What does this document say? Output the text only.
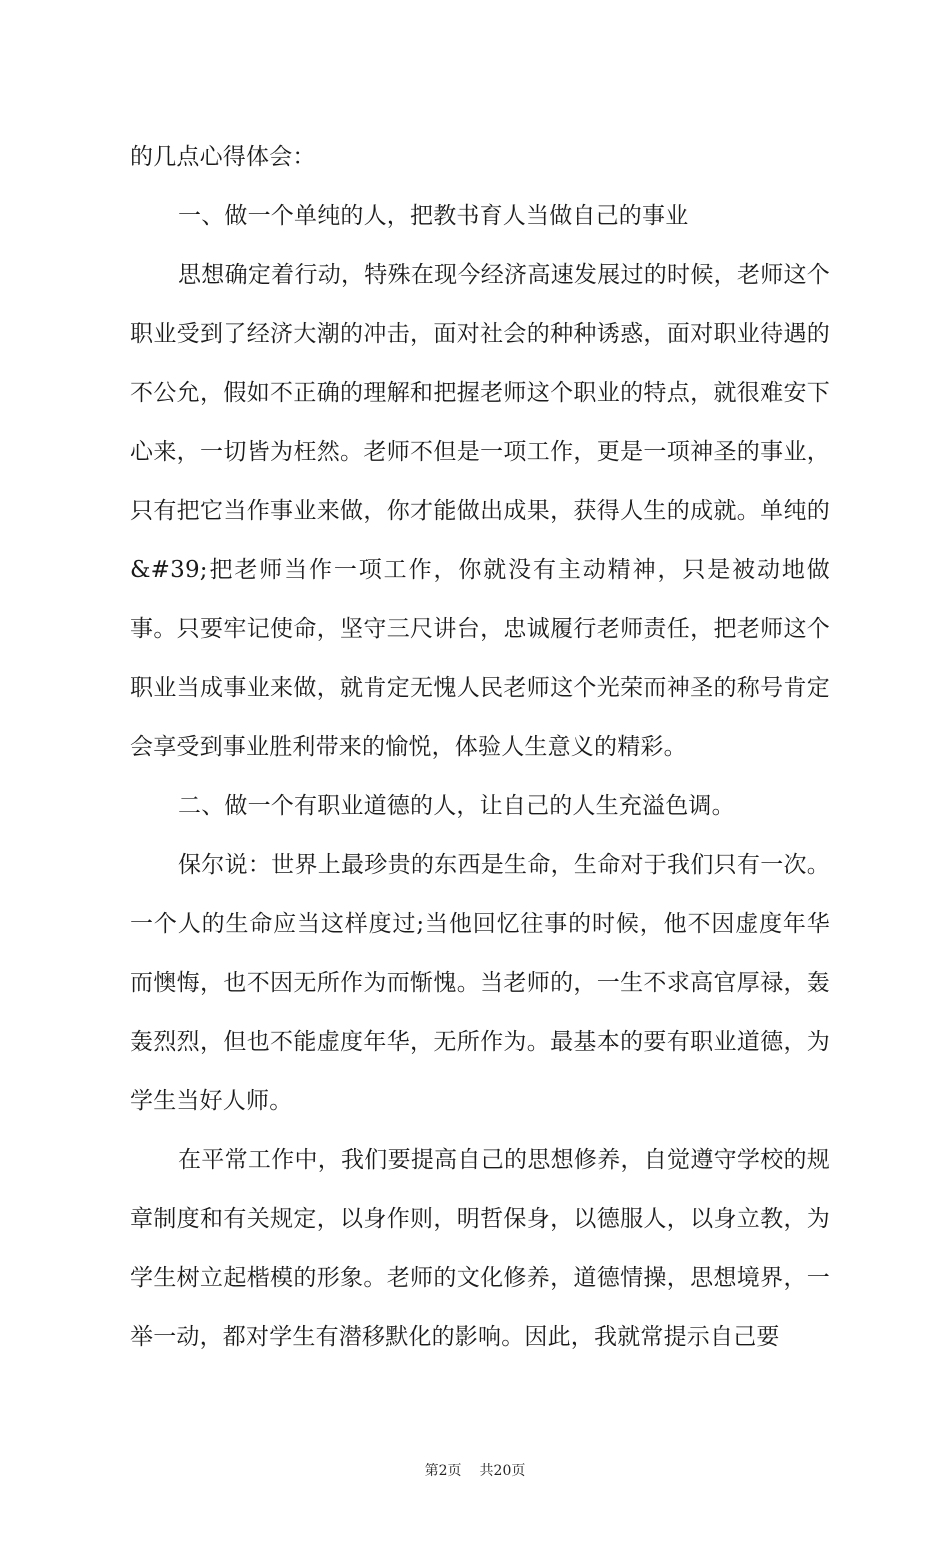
的几点心得体会：

一、做一个单纯的人，把教书育人当做自己的事业

思想确定着行动，特殊在现今经济高速发展过的时候，老师这个职业受到了经济大潮的冲击，面对社会的种种诱惑，面对职业待遇的不公允，假如不正确的理解和把握老师这个职业的特点，就很难安下心来，一切皆为枉然。老师不但是一项工作，更是一项神圣的事业，只有把它当作事业来做，你才能做出成果，获得人生的成就。单纯的&#39;把老师当作一项工作，你就没有主动精神，只是被动地做事。只要牢记使命，坚守三尺讲台，忠诚履行老师责任，把老师这个职业当成事业来做，就肯定无愧人民老师这个光荣而神圣的称号肯定会享受到事业胜利带来的愉悦，体验人生意义的精彩。

二、做一个有职业道德的人，让自己的人生充溢色调。

保尔说：世界上最珍贵的东西是生命，生命对于我们只有一次。一个人的生命应当这样度过;当他回忆往事的时候，他不因虚度年华而懊悔，也不因无所作为而惭愧。当老师的，一生不求高官厚禄，轰轰烈烈，但也不能虚度年华，无所作为。最基本的要有职业道德，为学生当好人师。

在平常工作中，我们要提高自己的思想修养，自觉遵守学校的规章制度和有关规定，以身作则，明哲保身，以德服人，以身立教，为学生树立起楷模的形象。老师的文化修养，道德情操，思想境界，一举一动，都对学生有潜移默化的影响。因此，我就常提示自己要

第2页 共20页
